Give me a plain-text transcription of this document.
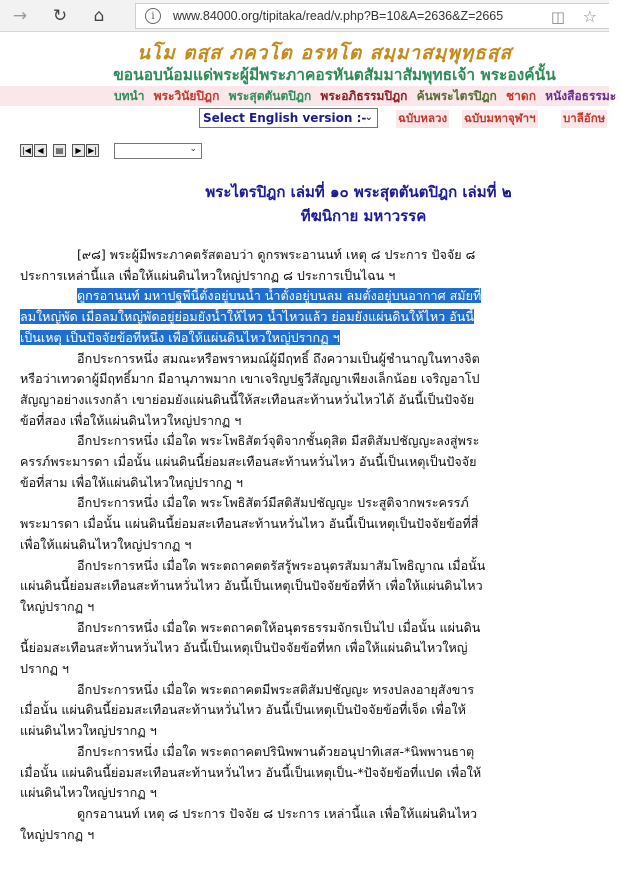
→	↻	⌂	i	www.84000.org/tipitaka/read/v.php?B=10&A=2636&Z=2665	◫ ☆
นโม ตสฺส ภควโต อรหโต สมฺมาสมฺพุทฺธสฺส
ขอนอบน้อมแด่พระผู้มีพระภาคอรหันตสัมมาสัมพุทธเจ้า พระองค์นั้น
บทนำ พระวินัยปิฎก พระสุตตันตปิฎก พระอภิธรรมปิฎก ค้นพระไตรปิฎก ชาดก หนังสือธรรมะ
Select English version :-
⌄ ฉบับหลวง ฉบับมหาจุฬาฯ บาลีอักษ
|◀ ◀	▤	▶ ▶|	⌄
พระไตรปิฎก เล่มที่ ๑๐ พระสุตตันตปิฎก เล่มที่ ๒
ทีฆนิกาย มหาวรรค

[๙๘] พระผู้มีพระภาคตรัสตอบว่า ดูกรพระอานนท์ เหตุ ๘ ประการ ปัจจัย ๘ ประการเหล่านี้แล เพื่อให้แผ่นดินไหวใหญ่ปรากฏ ๘ ประการเป็นไฉน ฯ

ดูกรอานนท์ มหาปฐพีนี้ตั้งอยู่บนน้ำ น้ำตั้งอยู่บนลม ลมตั้งอยู่บนอากาศ สมัยที่ลมใหญ่พัด เมื่อลมใหญ่พัดอยู่ย่อมยังน้ำให้ไหว น้ำไหวแล้ว ย่อมยังแผ่นดินให้ไหว อันนี้เป็นเหตุ เป็นปัจจัยข้อที่หนึ่ง เพื่อให้แผ่นดินไหวใหญ่ปรากฏ ฯ

อีกประการหนึ่ง สมณะหรือพราหมณ์ผู้มีฤทธิ์ ถึงความเป็นผู้ชำนาญในทางจิต หรือว่าเทวดาผู้มีฤทธิ์มาก มีอานุภาพมาก เขาเจริญปฐวีสัญญาเพียงเล็กน้อย เจริญอาโปสัญญาอย่างแรงกล้า เขาย่อมยังแผ่นดินนี้ให้สะเทือนสะท้านหวั่นไหวได้ อันนี้เป็นปัจจัยข้อที่สอง เพื่อให้แผ่นดินไหวใหญ่ปรากฏ ฯ

อีกประการหนึ่ง เมื่อใด พระโพธิสัตว์จุติจากชั้นดุสิต มีสติสัมปชัญญะลงสู่พระครรภ์พระมารดา เมื่อนั้น แผ่นดินนี้ย่อมสะเทือนสะท้านหวั่นไหว อันนี้เป็นเหตุเป็นปัจจัยข้อที่สาม เพื่อให้แผ่นดินไหวใหญ่ปรากฏ ฯ

อีกประการหนึ่ง เมื่อใด พระโพธิสัตว์มีสติสัมปชัญญะ ประสูติจากพระครรภ์พระมารดา เมื่อนั้น แผ่นดินนี้ย่อมสะเทือนสะท้านหวั่นไหว อันนี้เป็นเหตุเป็นปัจจัยข้อที่สี่ เพื่อให้แผ่นดินไหวใหญ่ปรากฏ ฯ

อีกประการหนึ่ง เมื่อใด พระตถาคตตรัสรู้พระอนุตรสัมมาสัมโพธิญาณ เมื่อนั้น แผ่นดินนี้ย่อมสะเทือนสะท้านหวั่นไหว อันนี้เป็นเหตุเป็นปัจจัยข้อที่ห้า เพื่อให้แผ่นดินไหวใหญ่ปรากฏ ฯ

อีกประการหนึ่ง เมื่อใด พระตถาคตให้อนุตรธรรมจักรเป็นไป เมื่อนั้น แผ่นดินนี้ย่อมสะเทือนสะท้านหวั่นไหว อันนี้เป็นเหตุเป็นปัจจัยข้อที่หก เพื่อให้แผ่นดินไหวใหญ่ปรากฏ ฯ

อีกประการหนึ่ง เมื่อใด พระตถาคตมีพระสติสัมปชัญญะ ทรงปลงอายุสังขาร เมื่อนั้น แผ่นดินนี้ย่อมสะเทือนสะท้านหวั่นไหว อันนี้เป็นเหตุเป็นปัจจัยข้อที่เจ็ด เพื่อให้แผ่นดินไหวใหญ่ปรากฏ ฯ

อีกประการหนึ่ง เมื่อใด พระตถาคตปรินิพพานด้วยอนุปาทิเสส-*นิพพานธาตุ เมื่อนั้น แผ่นดินนี้ย่อมสะเทือนสะท้านหวั่นไหว อันนี้เป็นเหตุเป็น-*ปัจจัยข้อที่แปด เพื่อให้แผ่นดินไหวใหญ่ปรากฏ ฯ

ดูกรอานนท์ เหตุ ๘ ประการ ปัจจัย ๘ ประการ เหล่านี้แล เพื่อให้แผ่นดินไหวใหญ่ปรากฏ ฯ
